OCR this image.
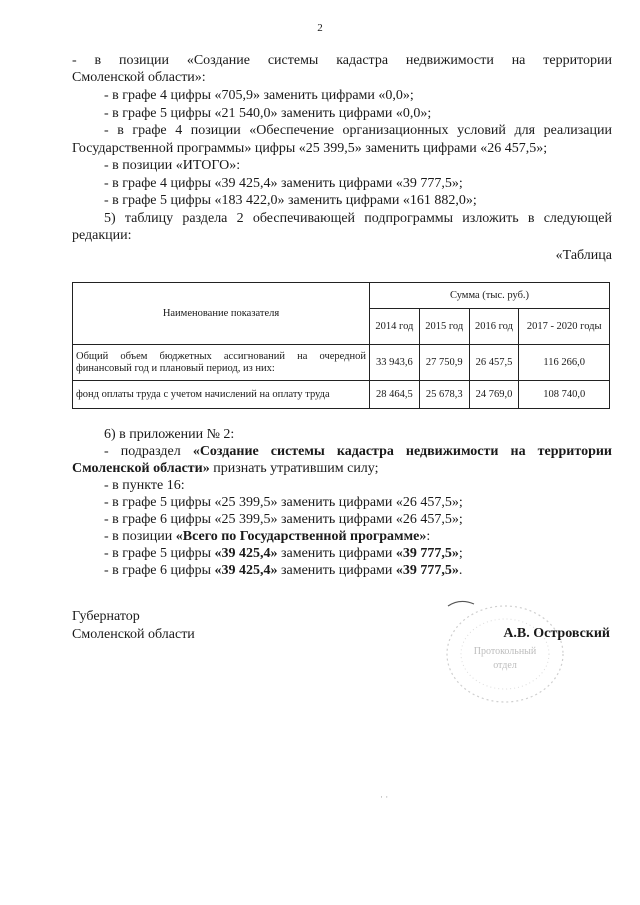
2
- в позиции «Создание системы кадастра недвижимости на территории
Смоленской области»:
- в графе 4 цифры «705,9» заменить цифрами «0,0»;
- в графе 5 цифры «21 540,0» заменить цифрами «0,0»;
- в графе 4 позиции «Обеспечение организационных условий для реализации
Государственной программы» цифры «25 399,5» заменить цифрами «26 457,5»;
- в позиции «ИТОГО»:
- в графе 4 цифры «39 425,4» заменить цифрами «39 777,5»;
- в графе 5 цифры «183 422,0» заменить цифрами «161 882,0»;
5) таблицу раздела 2 обеспечивающей подпрограммы изложить в следующей
редакции:
«Таблица
Наименование показателя	Сумма (тыс. руб.)			
	2014 год	2015 год	2016 год	2017 - 2020 годы
Общий объем бюджетных ассигнований на очередной финансовый год и плановый период, из них:	33 943,6	27 750,9	26 457,5	116 266,0
фонд оплаты труда с учетом начислений на оплату труда	28 464,5	25 678,3	24 769,0	108 740,0
6) в приложении № 2:
- подраздел «Создание системы кадастра недвижимости на территории
Смоленской области» признать утратившим силу;
- в пункте 16:
- в графе 5 цифры «25 399,5» заменить цифрами «26 457,5»;
- в графе 6 цифры «25 399,5» заменить цифрами «26 457,5»;
- в позиции «Всего по Государственной программе»:
- в графе 5 цифры «39 425,4» заменить цифрами «39 777,5»;
- в графе 6 цифры «39 425,4» заменить цифрами «39 777,5».
Губернатор
Смоленской области
Протокольный
отдел
А.В. Островский
· ·
